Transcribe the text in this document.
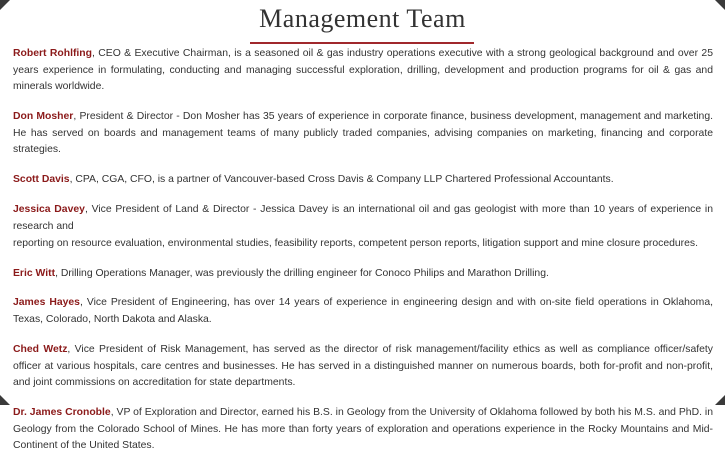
Management Team

Robert Rohlfing, CEO & Executive Chairman, is a seasoned oil & gas industry operations executive with a strong geological background and over 25 years experience in formulating, conducting and managing successful exploration, drilling, development and production programs for oil & gas and minerals worldwide.

Don Mosher, President & Director - Don Mosher has 35 years of experience in corporate finance, business development, management and marketing. He has served on boards and management teams of many publicly traded companies, advising companies on marketing, financing and corporate strategies.

Scott Davis, CPA, CGA, CFO, is a partner of Vancouver-based Cross Davis & Company LLP Chartered Professional Accountants.

Jessica Davey, Vice President of Land & Director - Jessica Davey is an international oil and gas geologist with more than 10 years of experience in research and
reporting on resource evaluation, environmental studies, feasibility reports, competent person reports, litigation support and mine closure procedures.

Eric Witt, Drilling Operations Manager, was previously the drilling engineer for Conoco Philips and Marathon Drilling.

James Hayes, Vice President of Engineering, has over 14 years of experience in engineering design and with on-site field operations in Oklahoma, Texas, Colorado, North Dakota and Alaska.

Ched Wetz, Vice President of Risk Management, has served as the director of risk management/facility ethics as well as compliance officer/safety officer at various hospitals, care centres and businesses. He has served in a distinguished manner on numerous boards, both for-profit and non-profit, and joint commissions on accreditation for state departments.

Dr. James Cronoble, VP of Exploration and Director, earned his B.S. in Geology from the University of Oklahoma followed by both his M.S. and PhD. in Geology from the Colorado School of Mines. He has more than forty years of exploration and operations experience in the Rocky Mountains and Mid-Continent of the United States.
